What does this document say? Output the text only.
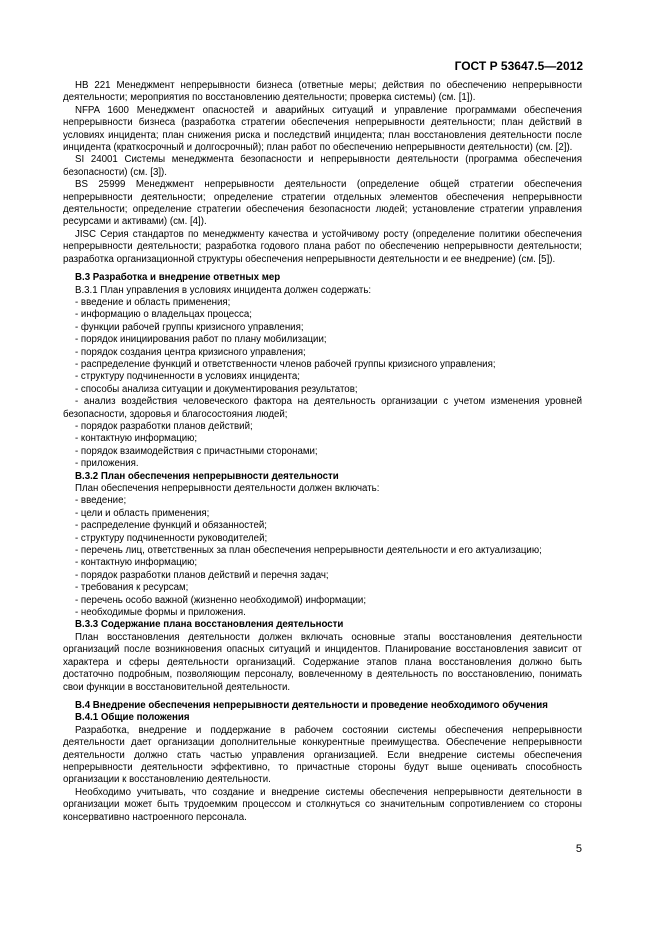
ГОСТ Р 53647.5—2012

НВ 221 Менеджмент непрерывности бизнеса (ответные меры; действия по обеспечению непрерывности деятельности; мероприятия по восстановлению деятельности; проверка системы) (см. [1]).

NFPA 1600 Менеджмент опасностей и аварийных ситуаций и управление программами обеспечения непрерывности бизнеса (разработка стратегии обеспечения непрерывности деятельности; план действий в условиях инцидента; план снижения риска и последствий инцидента; план восстановления деятельности после инцидента (краткосрочный и долгосрочный); план работ по обеспечению непрерывности деятельности) (см. [2]).

SI 24001 Системы менеджмента безопасности и непрерывности деятельности (программа обеспечения безопасности) (см. [3]).

BS 25999 Менеджмент непрерывности деятельности (определение общей стратегии обеспечения непрерывности деятельности; определение стратегии отдельных элементов обеспечения непрерывности деятельности; определение стратегии обеспечения безопасности людей; установление стратегии управления ресурсами и активами) (см. [4]).

JISC Серия стандартов по менеджменту качества и устойчивому росту (определение политики обеспечения непрерывности деятельности; разработка годового плана работ по обеспечению непрерывности деятельности; разработка организационной структуры обеспечения непрерывности деятельности и ее внедрение) (см. [5]).

В.3 Разработка и внедрение ответных мер

В.3.1 План управления в условиях инцидента должен содержать:

- введение и область применения;

- информацию о владельцах процесса;

- функции рабочей группы кризисного управления;

- порядок инициирования работ по плану мобилизации;

- порядок создания центра кризисного управления;

- распределение функций и ответственности членов рабочей группы кризисного управления;

- структуру подчиненности в условиях инцидента;

- способы анализа ситуации и документирования результатов;

- анализ воздействия человеческого фактора на деятельность организации с учетом изменения уровней безопасности, здоровья и благосостояния людей;

- порядок разработки планов действий;

- контактную информацию;

- порядок взаимодействия с причастными сторонами;

- приложения.

В.3.2 План обеспечения непрерывности деятельности

План обеспечения непрерывности деятельности должен включать:

- введение;

- цели и область применения;

- распределение функций и обязанностей;

- структуру подчиненности руководителей;

- перечень лиц, ответственных за план обеспечения непрерывности деятельности и его актуализацию;

- контактную информацию;

- порядок разработки планов действий и перечня задач;

- требования к ресурсам;

- перечень особо важной (жизненно необходимой) информации;

- необходимые формы и приложения.

В.3.3 Содержание плана восстановления деятельности

План восстановления деятельности должен включать основные этапы восстановления деятельности организаций после возникновения опасных ситуаций и инцидентов. Планирование восстановления зависит от характера и сферы деятельности организаций. Содержание этапов плана восстановления должно быть достаточно подробным, позволяющим персоналу, вовлеченному в деятельность по восстановлению, понимать свои функции в восстановительной деятельности.

В.4 Внедрение обеспечения непрерывности деятельности и проведение необходимого обучения

В.4.1 Общие положения

Разработка, внедрение и поддержание в рабочем состоянии системы обеспечения непрерывности деятельности дает организации дополнительные конкурентные преимущества. Обеспечение непрерывности деятельности должно стать частью управления организацией. Если внедрение системы обеспечения непрерывности деятельности эффективно, то причастные стороны будут выше оценивать способность организации к восстановлению деятельности.

Необходимо учитывать, что создание и внедрение системы обеспечения непрерывности деятельности в организации может быть трудоемким процессом и столкнуться со значительным сопротивлением со стороны консервативно настроенного персонала.

5
